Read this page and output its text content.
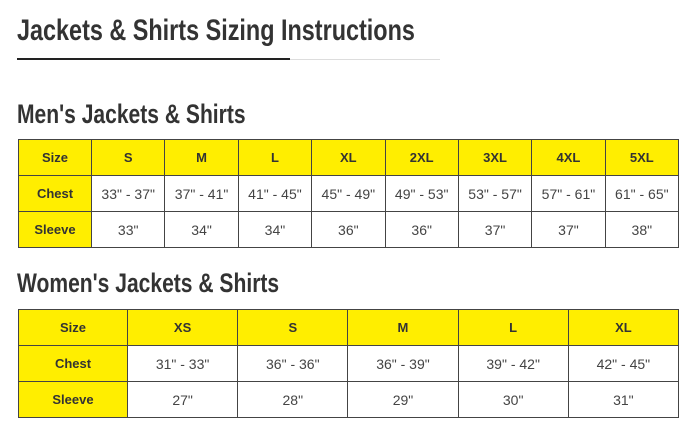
Jackets & Shirts Sizing Instructions
Men's Jackets & Shirts
Size	S	M	L	XL	2XL	3XL	4XL	5XL
Chest	33" - 37"	37" - 41"	41" - 45"	45" - 49"	49" - 53"	53" - 57"	57" - 61"	61" - 65"
Sleeve	33"	34"	34"	36"	36"	37"	37"	38"
Women's Jackets & Shirts
Size	XS	S	M	L	XL
Chest	31" - 33"	36" - 36"	36" - 39"	39" - 42"	42" - 45"
Sleeve	27"	28"	29"	30"	31"
